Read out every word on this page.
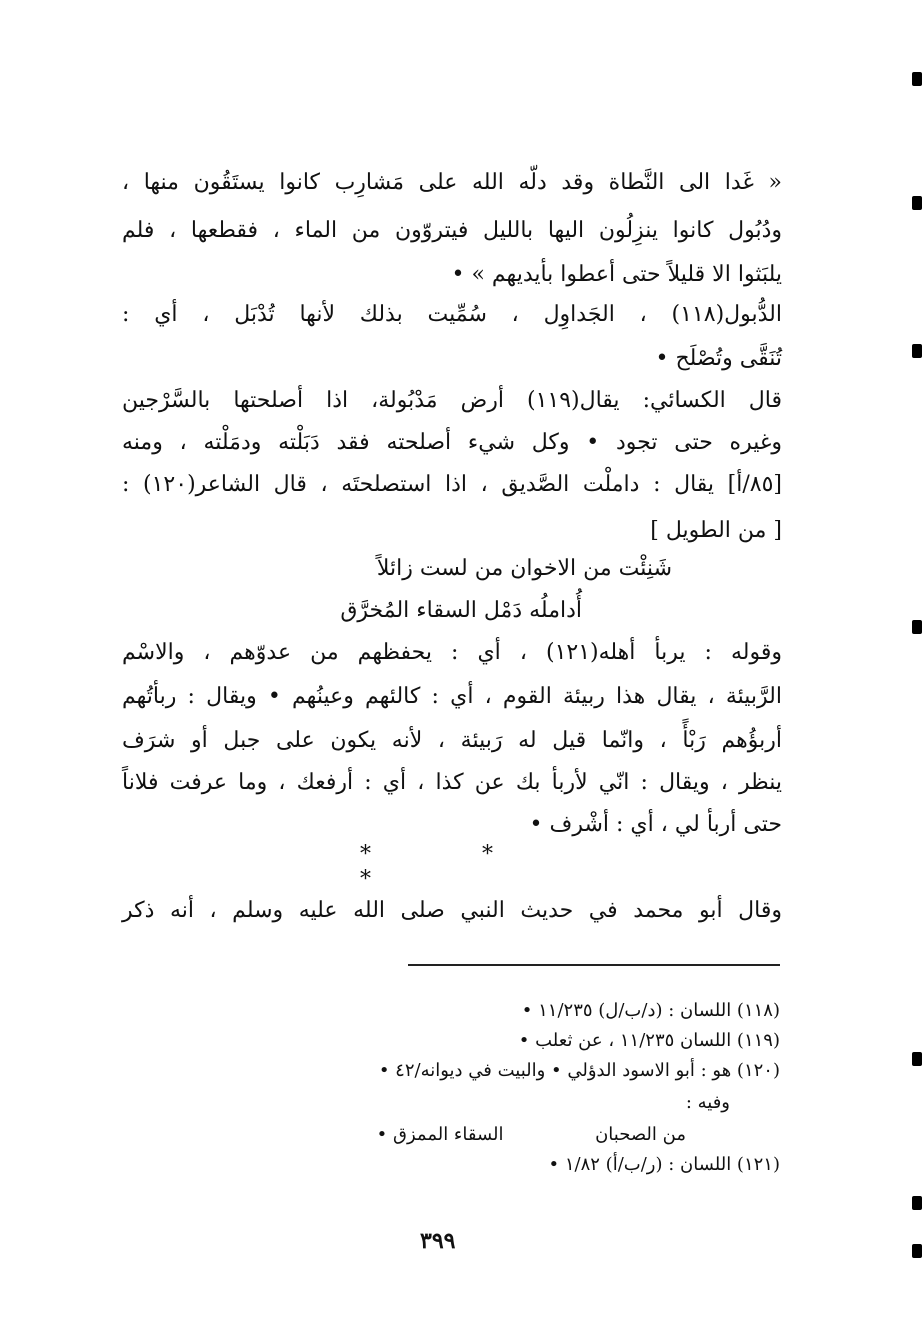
« غَدا الى النَّطاة وقد دلّه الله على مَشارِب كانوا يستَقُون منها ،
ودُبُول كانوا ينزِلُون اليها بالليل فيتروّون من الماء ، فقطعها ، فلم
يلبَثوا الا قليلاً حتى أعطوا بأيديهم » •
الدُّبول(١١٨) ، الجَداوِل ، سُمِّيت بذلك لأنها تُدْبَل ، أي :
تُنَقَّى وتُصْلَح •
قال الكسائي: يقال(١١٩) أرض مَدْبُولة، اذا أصلحتها بالسَّرْجين
وغيره حتى تجود • وكل شيء أصلحته فقد دَبَلْته ودمَلْته ، ومنه
[٨٥/أ] يقال : داملْت الصَّديق ، اذا استصلحتَه ، قال الشاعر(١٢٠) :
[ من الطويل ]
شَنِئْت من الاخوان من لست زائلاً
أُداملُه دَمْل السقاء المُخرَّق
وقوله : يربأ أهله(١٢١) ، أي : يحفظهم من عدوّهم ، والاسْم
الرَّبيئة ، يقال هذا ربيئة القوم ، أي : كالئهم وعينُهم • ويقال : ربأتُهم
أربؤُهم رَبْأً ، وانّما قيل له رَبيئة ، لأنه يكون على جبل أو شرَف
ينظر ، ويقال : انّي لأربأ بك عن كذا ، أي : أرفعك ، وما عرفت فلاناً
حتى أربأ لي ، أي : أشْرف •
* * *
وقال أبو محمد في حديث النبي صلى الله عليه وسلم ، أنه ذكر
(١١٨) اللسان : (د/ب/ل) ١١/٢٣٥ •
(١١٩) اللسان ١١/٢٣٥ ، عن ثعلب •
(١٢٠) هو : أبو الاسود الدؤلي • والبيت في ديوانه/٤٢ •
وفيه :
من الصحبان                السقاء الممزق •
(١٢١) اللسان : (ر/ب/أ) ١/٨٢ •
٣٩٩
